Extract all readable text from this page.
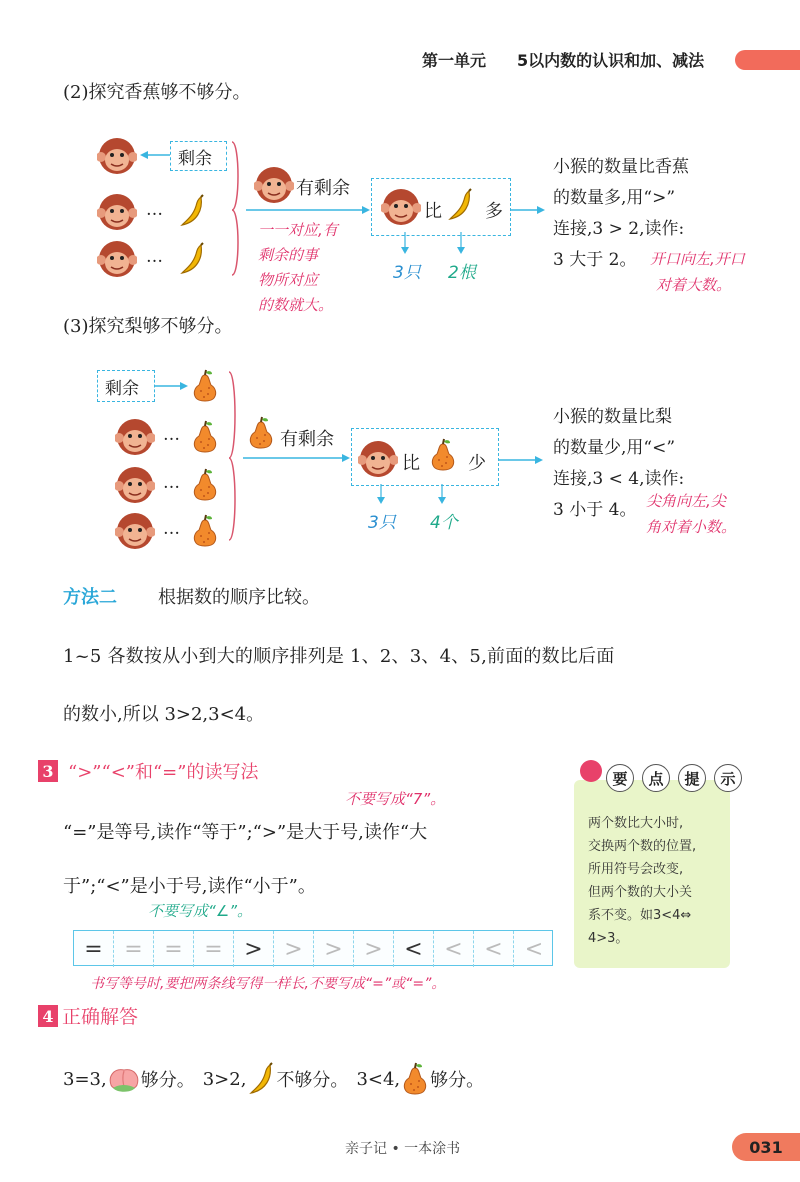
第一单元 5以内数的认识和加、减法
(2)探究香蕉够不够分。
剩余
…
…
有剩余
比 多
3只 2根
一一对应,有
剩余的事
物所对应
的数就大。
小猴的数量比香蕉
的数量多,用“>”
连接,3 > 2,读作:
3 大于 2。 开口向左,开口
对着大数。
(3)探究梨够不够分。
剩余
…
…
…
有剩余
比	少
3只 4个
小猴的数量比梨
的数量少,用“<”
连接,3 < 4,读作:
3 小于 4。 尖角向左,尖
角对着小数。
方法二 根据数的顺序比较。
1~5 各数按从小到大的顺序排列是 1、2、3、4、5,前面的数比后面
的数小,所以 3>2,3<4。
3 “>”“<”和“=”的读写法
不要写成“7”。
“=”是等号,读作“等于”;“>”是大于号,读作“大
于”;“<”是小于号,读作“小于”。
不要写成“∠”。
= = = = > > > > < < <	<
书写等号时,要把两条线写得一样长,不要写成“=”或“=”。
要	点	提	示
两个数比大小时,
交换两个数的位置,
所用符号会改变,
但两个数的大小关
系不变。如3<4⇔
4>3。
4 正确解答
3=3, 够分。 3>2, 不够分。 3<4, 够分。
亲子记 • 一本涂书	031
